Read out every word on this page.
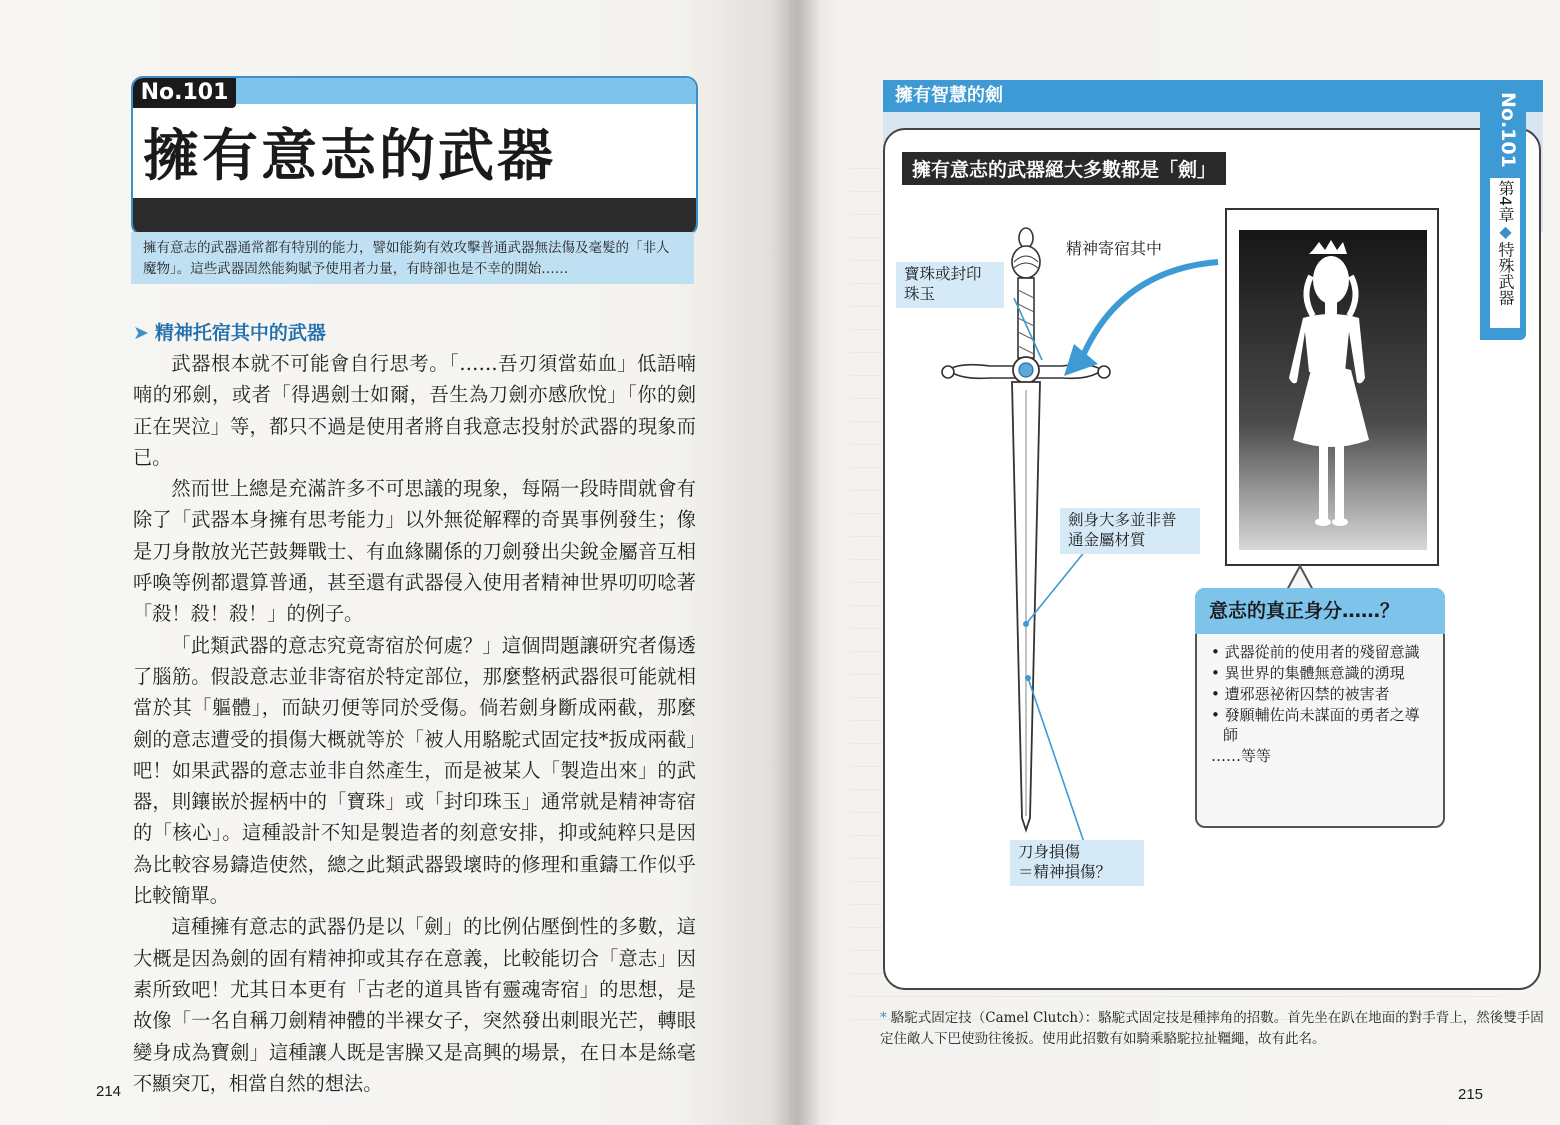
No.101
擁有意志的武器
擁有意志的武器通常都有特別的能力，譬如能夠有效攻擊普通武器無法傷及毫髮的「非人魔物」。這些武器固然能夠賦予使用者力量，有時卻也是不幸的開始……
➤ 精神托宿其中的武器

武器根本就不可能會自行思考。「……吾刃須當茹血」低語喃喃的邪劍，或者「得遇劍士如爾，吾生為刀劍亦感欣悅」「你的劍正在哭泣」等，都只不過是使用者將自我意志投射於武器的現象而已。

然而世上總是充滿許多不可思議的現象，每隔一段時間就會有除了「武器本身擁有思考能力」以外無從解釋的奇異事例發生；像是刀身散放光芒鼓舞戰士、有血緣關係的刀劍發出尖銳金屬音互相呼喚等例都還算普通，甚至還有武器侵入使用者精神世界叨叨唸著「殺！殺！殺！」的例子。

「此類武器的意志究竟寄宿於何處？」這個問題讓研究者傷透了腦筋。假設意志並非寄宿於特定部位，那麼整柄武器很可能就相當於其「軀體」，而缺刃便等同於受傷。倘若劍身斷成兩截，那麼劍的意志遭受的損傷大概就等於「被人用駱駝式固定技*扳成兩截」吧！如果武器的意志並非自然產生，而是被某人「製造出來」的武器，則鑲嵌於握柄中的「寶珠」或「封印珠玉」通常就是精神寄宿的「核心」。這種設計不知是製造者的刻意安排，抑或純粹只是因為比較容易鑄造使然，總之此類武器毀壞時的修理和重鑄工作似乎比較簡單。

這種擁有意志的武器仍是以「劍」的比例佔壓倒性的多數，這大概是因為劍的固有精神抑或其存在意義，比較能切合「意志」因素所致吧！尤其日本更有「古老的道具皆有靈魂寄宿」的思想，是故像「一名自稱刀劍精神體的半裸女子，突然發出刺眼光芒，轉眼變身成為寶劍」這種讓人既是害臊又是高興的場景，在日本是絲毫不顯突兀，相當自然的想法。

214
擁有智慧的劍
擁有意志的武器絕大多數都是「劍」
寶珠或封印
珠玉
精神寄宿其中
劍身大多並非普
通金屬材質
刀身損傷
＝精神損傷？
意志的真正身分……？
• 武器從前的使用者的殘留意識
• 異世界的集體無意識的湧現
• 遭邪惡祕術囚禁的被害者
• 發願輔佐尚未謀面的勇者之導師
……等等
* 駱駝式固定技（Camel Clutch）：駱駝式固定技是種摔角的招數。首先坐在趴在地面的對手背上，然後雙手固定住敵人下巴使勁往後扳。使用此招數有如騎乘駱駝拉扯韁繩，故有此名。
No.101
第4章◆特殊武器
215
